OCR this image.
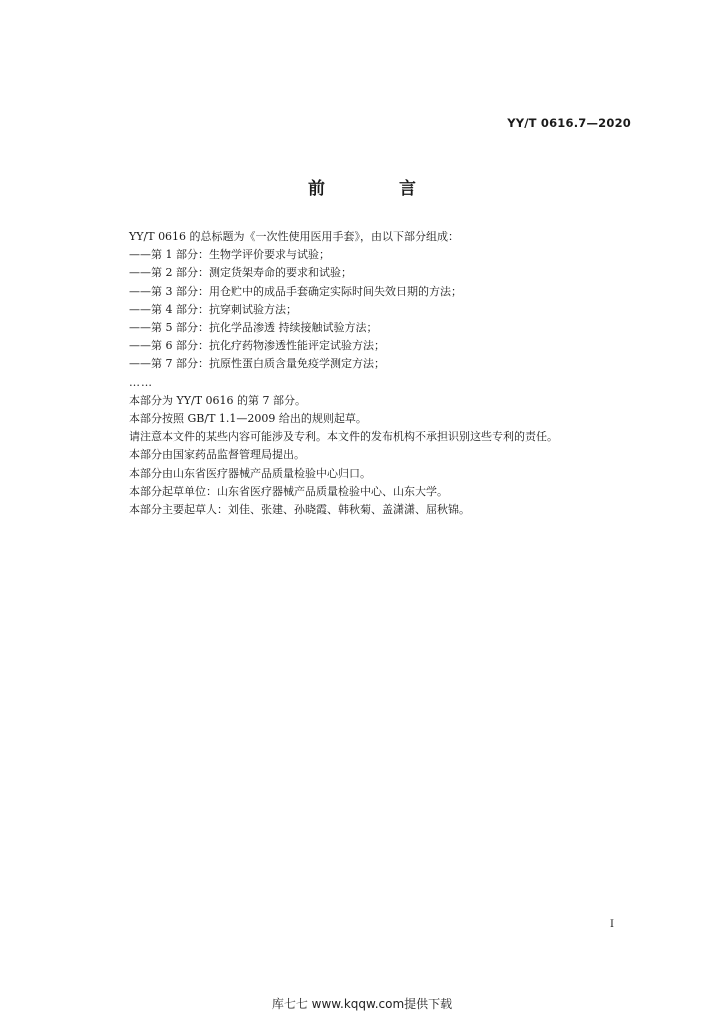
YY/T 0616.7—2020
前 言
YY/T 0616 的总标题为《一次性使用医用手套》，由以下部分组成：
——第 1 部分：生物学评价要求与试验；
——第 2 部分：测定货架寿命的要求和试验；
——第 3 部分：用仓贮中的成品手套确定实际时间失效日期的方法；
——第 4 部分：抗穿刺试验方法；
——第 5 部分：抗化学品渗透 持续接触试验方法；
——第 6 部分：抗化疗药物渗透性能评定试验方法；
——第 7 部分：抗原性蛋白质含量免疫学测定方法；
……
本部分为 YY/T 0616 的第 7 部分。
本部分按照 GB/T 1.1—2009 给出的规则起草。
请注意本文件的某些内容可能涉及专利。本文件的发布机构不承担识别这些专利的责任。
本部分由国家药品监督管理局提出。
本部分由山东省医疗器械产品质量检验中心归口。
本部分起草单位：山东省医疗器械产品质量检验中心、山东大学。
本部分主要起草人：刘佳、张建、孙晓霞、韩秋菊、盖潇潇、屈秋锦。
I
库七七 www.kqqw.com提供下载
